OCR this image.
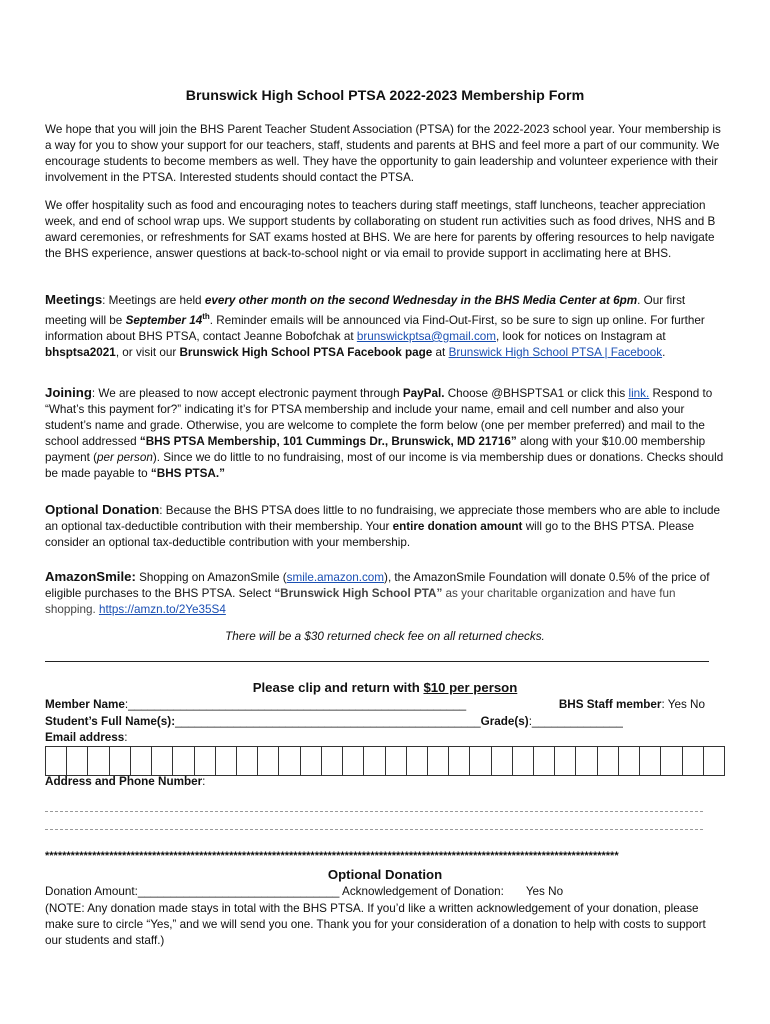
Brunswick High School PTSA 2022-2023 Membership Form

We hope that you will join the BHS Parent Teacher Student Association (PTSA) for the 2022-2023 school year. Your membership is a way for you to show your support for our teachers, staff, students and parents at BHS and feel more a part of our community. We encourage students to become members as well. They have the opportunity to gain leadership and volunteer experience with their involvement in the PTSA. Interested students should contact the PTSA.

We offer hospitality such as food and encouraging notes to teachers during staff meetings, staff luncheons, teacher appreciation week, and end of school wrap ups. We support students by collaborating on student run activities such as food drives, NHS and B award ceremonies, or refreshments for SAT exams hosted at BHS. We are here for parents by offering resources to help navigate the BHS experience, answer questions at back-to-school night or via email to provide support in acclimating here at BHS.

Meetings: Meetings are held every other month on the second Wednesday in the BHS Media Center at 6pm. Our first meeting will be September 14th. Reminder emails will be announced via Find-Out-First, so be sure to sign up online. For further information about BHS PTSA, contact Jeanne Bobofchak at brunswickptsa@gmail.com, look for notices on Instagram at bhsptsa2021, or visit our Brunswick High School PTSA Facebook page at Brunswick High School PTSA | Facebook.

Joining: We are pleased to now accept electronic payment through PayPal. Choose @BHSPTSA1 or click this link. Respond to “What’s this payment for?” indicating it’s for PTSA membership and include your name, email and cell number and also your student’s name and grade. Otherwise, you are welcome to complete the form below (one per member preferred) and mail to the school addressed “BHS PTSA Membership, 101 Cummings Dr., Brunswick, MD 21716” along with your $10.00 membership payment (per person). Since we do little to no fundraising, most of our income is via membership dues or donations. Checks should be made payable to “BHS PTSA.”

Optional Donation: Because the BHS PTSA does little to no fundraising, we appreciate those members who are able to include an optional tax-deductible contribution with their membership. Your entire donation amount will go to the BHS PTSA. Please consider an optional tax-deductible contribution with your membership.

AmazonSmile: Shopping on AmazonSmile (smile.amazon.com), the AmazonSmile Foundation will donate 0.5% of the price of eligible purchases to the BHS PTSA. Select “Brunswick High School PTA” as your charitable organization and have fun shopping. https://amzn.to/2Ye35S4

There will be a $30 returned check fee on all returned checks.
Please clip and return with $10 per person
Member Name:____________________________________________________	BHS Staff member: Yes No
Student’s Full Name(s):_______________________________________________Grade(s):______________
Email address:
Address and Phone Number:
**************************************************************************************************************************************
Optional Donation
Donation Amount:_______________________________ Acknowledgement of Donation: Yes No

(NOTE: Any donation made stays in total with the BHS PTSA. If you’d like a written acknowledgement of your donation, please make sure to circle “Yes,” and we will send you one. Thank you for your consideration of a donation to help with costs to support our students and staff.)
